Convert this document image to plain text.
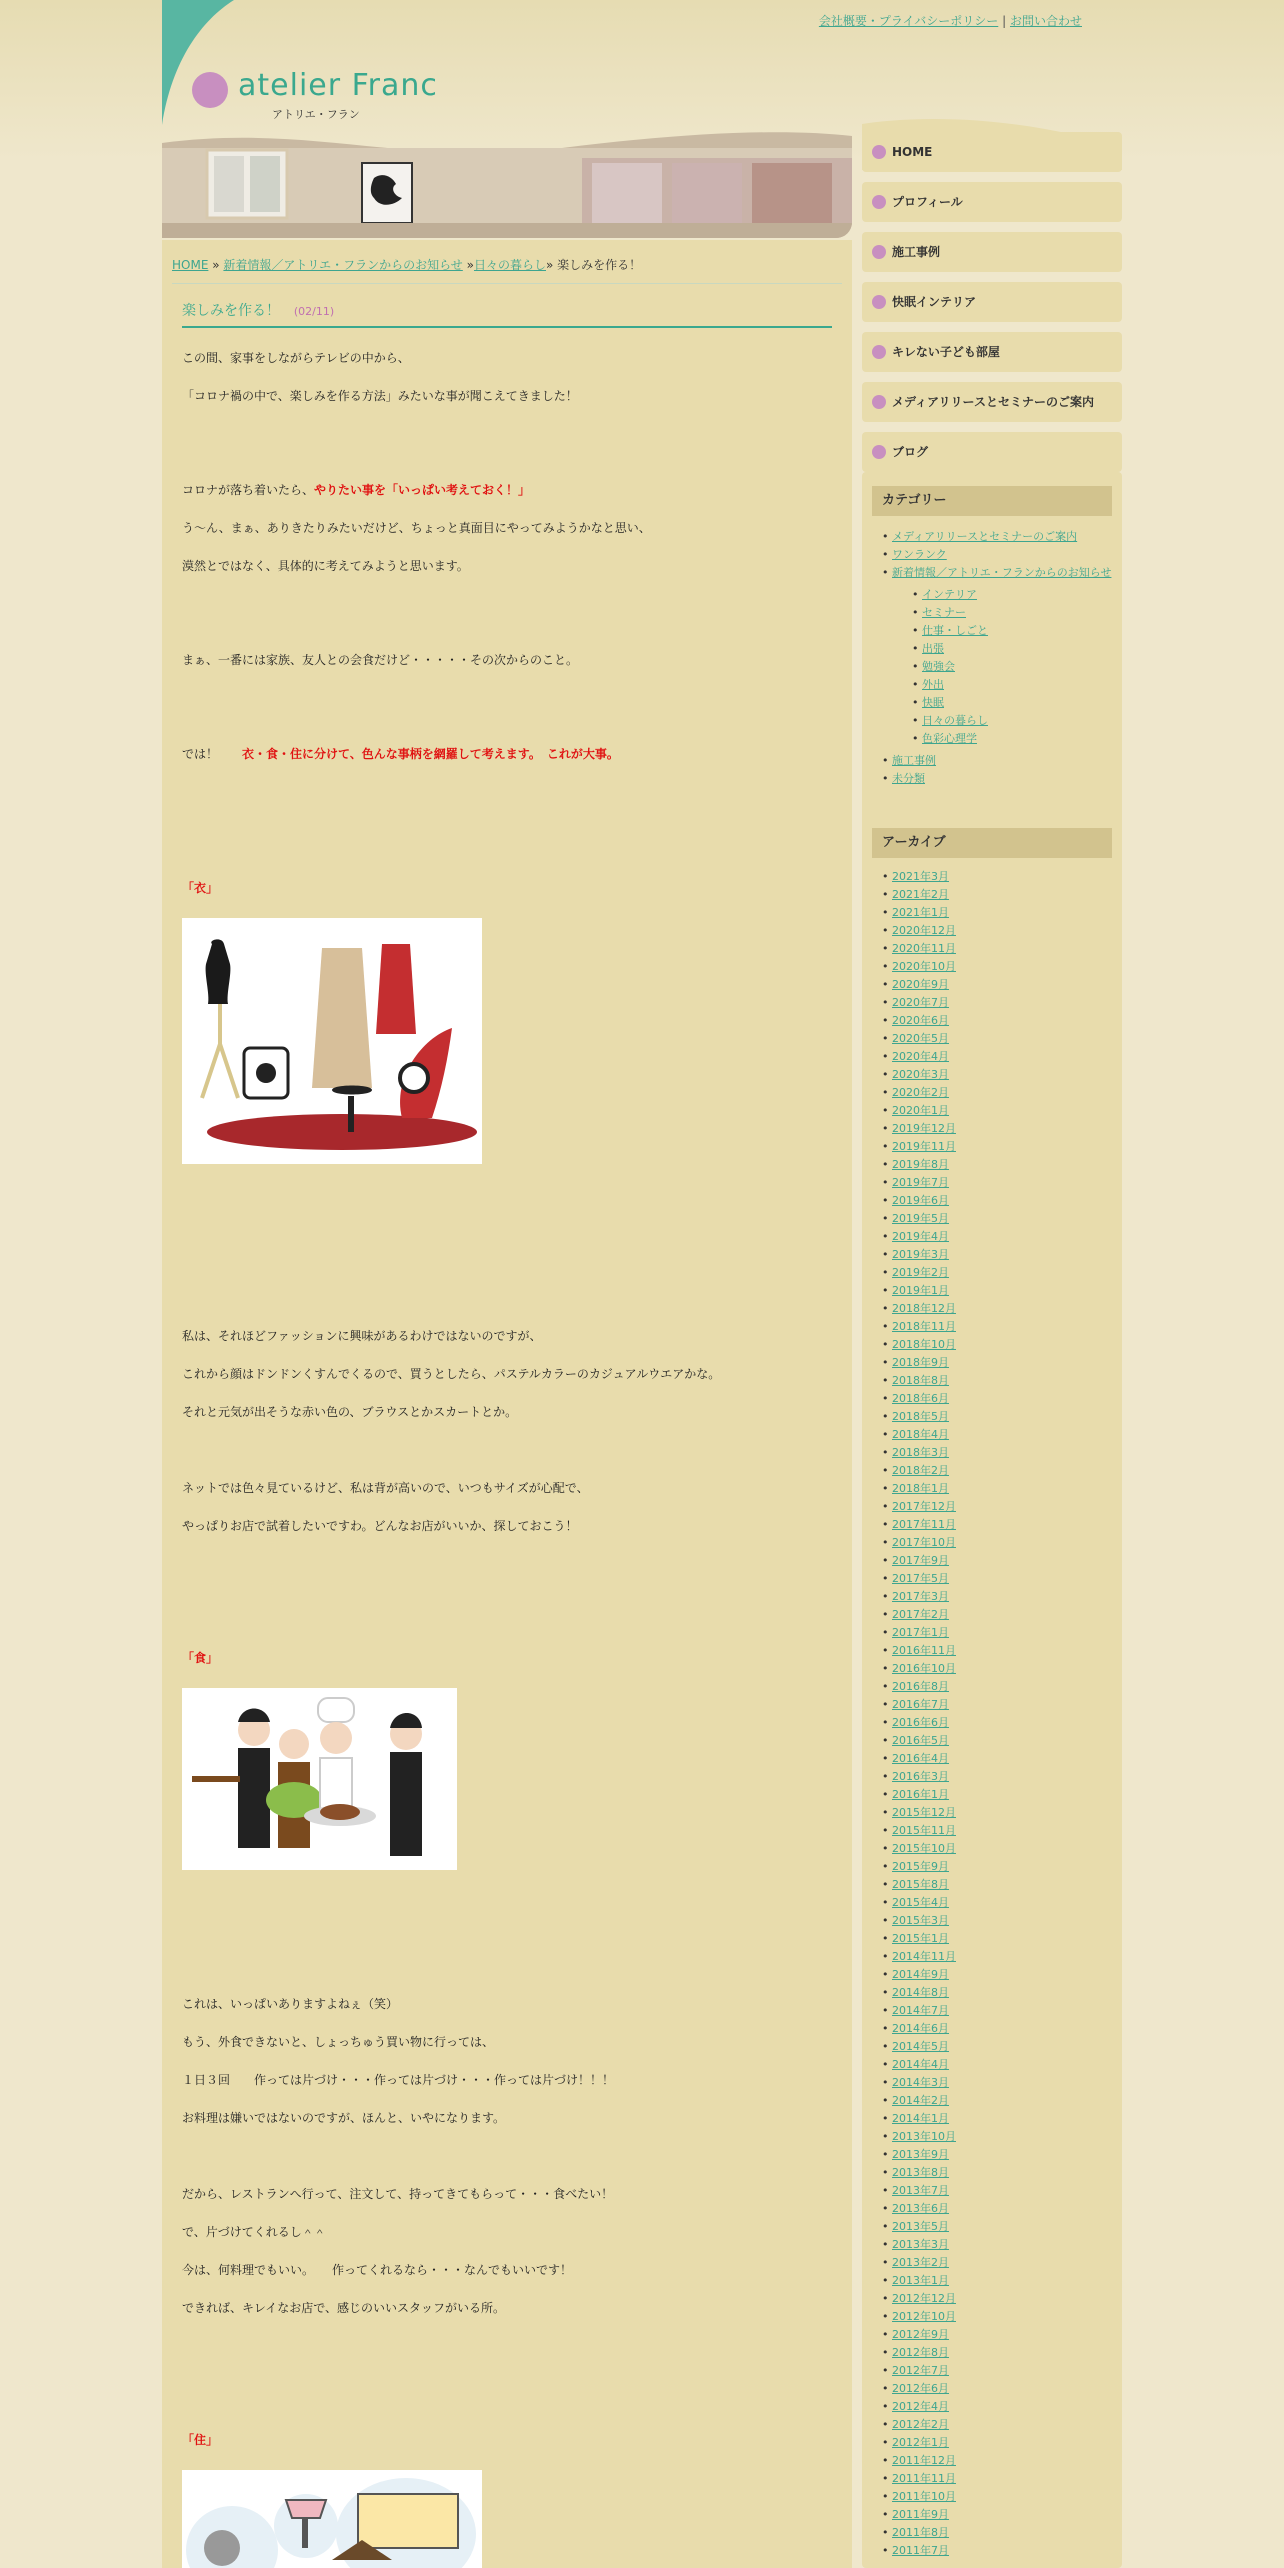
会社概要・プライバシーポリシー | お問い合わせ
atelier Franc
アトリエ・フラン
HOME » 新着情報／アトリエ・フランからのお知らせ »日々の暮らし» 楽しみを作る！
楽しみを作る！ (02/11)
この間、家事をしながらテレビの中から、
「コロナ禍の中で、楽しみを作る方法」みたいな事が聞こえてきました！
コロナが落ち着いたら、やりたい事を「いっぱい考えておく！」
う～ん、まぁ、ありきたりみたいだけど、ちょっと真面目にやってみようかなと思い、
漠然とではなく、具体的に考えてみようと思います。
まぁ、一番には家族、友人との会食だけど・・・・・その次からのこと。
では！ 衣・食・住に分けて、色んな事柄を網羅して考えます。　これが大事。
「衣」
私は、それほどファッションに興味があるわけではないのですが、
これから顔はドンドンくすんでくるので、買うとしたら、パステルカラーのカジュアルウエアかな。
それと元気が出そうな赤い色の、ブラウスとかスカートとか。
ネットでは色々見ているけど、私は背が高いので、いつもサイズが心配で、
やっぱりお店で試着したいですわ。どんなお店がいいか、探しておこう！
「食」
これは、いっぱいありますよねぇ（笑）
もう、外食できないと、しょっちゅう買い物に行っては、
１日３回　　作っては片づけ・・・作っては片づけ・・・作っては片づけ！！！
お料理は嫌いではないのですが、ほんと、いやになります。
だから、レストランへ行って、注文して、持ってきてもらって・・・食べたい！
で、片づけてくれるし＾＾
今は、何料理でもいい。　　作ってくれるなら・・・なんでもいいです！
できれば、キレイなお店で、感じのいいスタッフがいる所。
「住」
HOME
プロフィール
施工事例
快眠インテリア
キレない子ども部屋
メディアリリースとセミナーのご案内
ブログ
カテゴリー
• メディアリリースとセミナーのご案内
• ワンランク
• 新着情報／アトリエ・フランからのお知らせ
• インテリア
• セミナー
• 仕事・しごと
• 出張
• 勉強会
• 外出
• 快眠
• 日々の暮らし
• 色彩心理学
• 施工事例
• 未分類
アーカイブ
• 2021年3月
• 2021年2月
• 2021年1月
• 2020年12月
• 2020年11月
• 2020年10月
• 2020年9月
• 2020年7月
• 2020年6月
• 2020年5月
• 2020年4月
• 2020年3月
• 2020年2月
• 2020年1月
• 2019年12月
• 2019年11月
• 2019年8月
• 2019年7月
• 2019年6月
• 2019年5月
• 2019年4月
• 2019年3月
• 2019年2月
• 2019年1月
• 2018年12月
• 2018年11月
• 2018年10月
• 2018年9月
• 2018年8月
• 2018年6月
• 2018年5月
• 2018年4月
• 2018年3月
• 2018年2月
• 2018年1月
• 2017年12月
• 2017年11月
• 2017年10月
• 2017年9月
• 2017年5月
• 2017年3月
• 2017年2月
• 2017年1月
• 2016年11月
• 2016年10月
• 2016年8月
• 2016年7月
• 2016年6月
• 2016年5月
• 2016年4月
• 2016年3月
• 2016年1月
• 2015年12月
• 2015年11月
• 2015年10月
• 2015年9月
• 2015年8月
• 2015年4月
• 2015年3月
• 2015年1月
• 2014年11月
• 2014年9月
• 2014年8月
• 2014年7月
• 2014年6月
• 2014年5月
• 2014年4月
• 2014年3月
• 2014年2月
• 2014年1月
• 2013年10月
• 2013年9月
• 2013年8月
• 2013年7月
• 2013年6月
• 2013年5月
• 2013年3月
• 2013年2月
• 2013年1月
• 2012年12月
• 2012年10月
• 2012年9月
• 2012年8月
• 2012年7月
• 2012年6月
• 2012年4月
• 2012年2月
• 2012年1月
• 2011年12月
• 2011年11月
• 2011年10月
• 2011年9月
• 2011年8月
• 2011年7月
